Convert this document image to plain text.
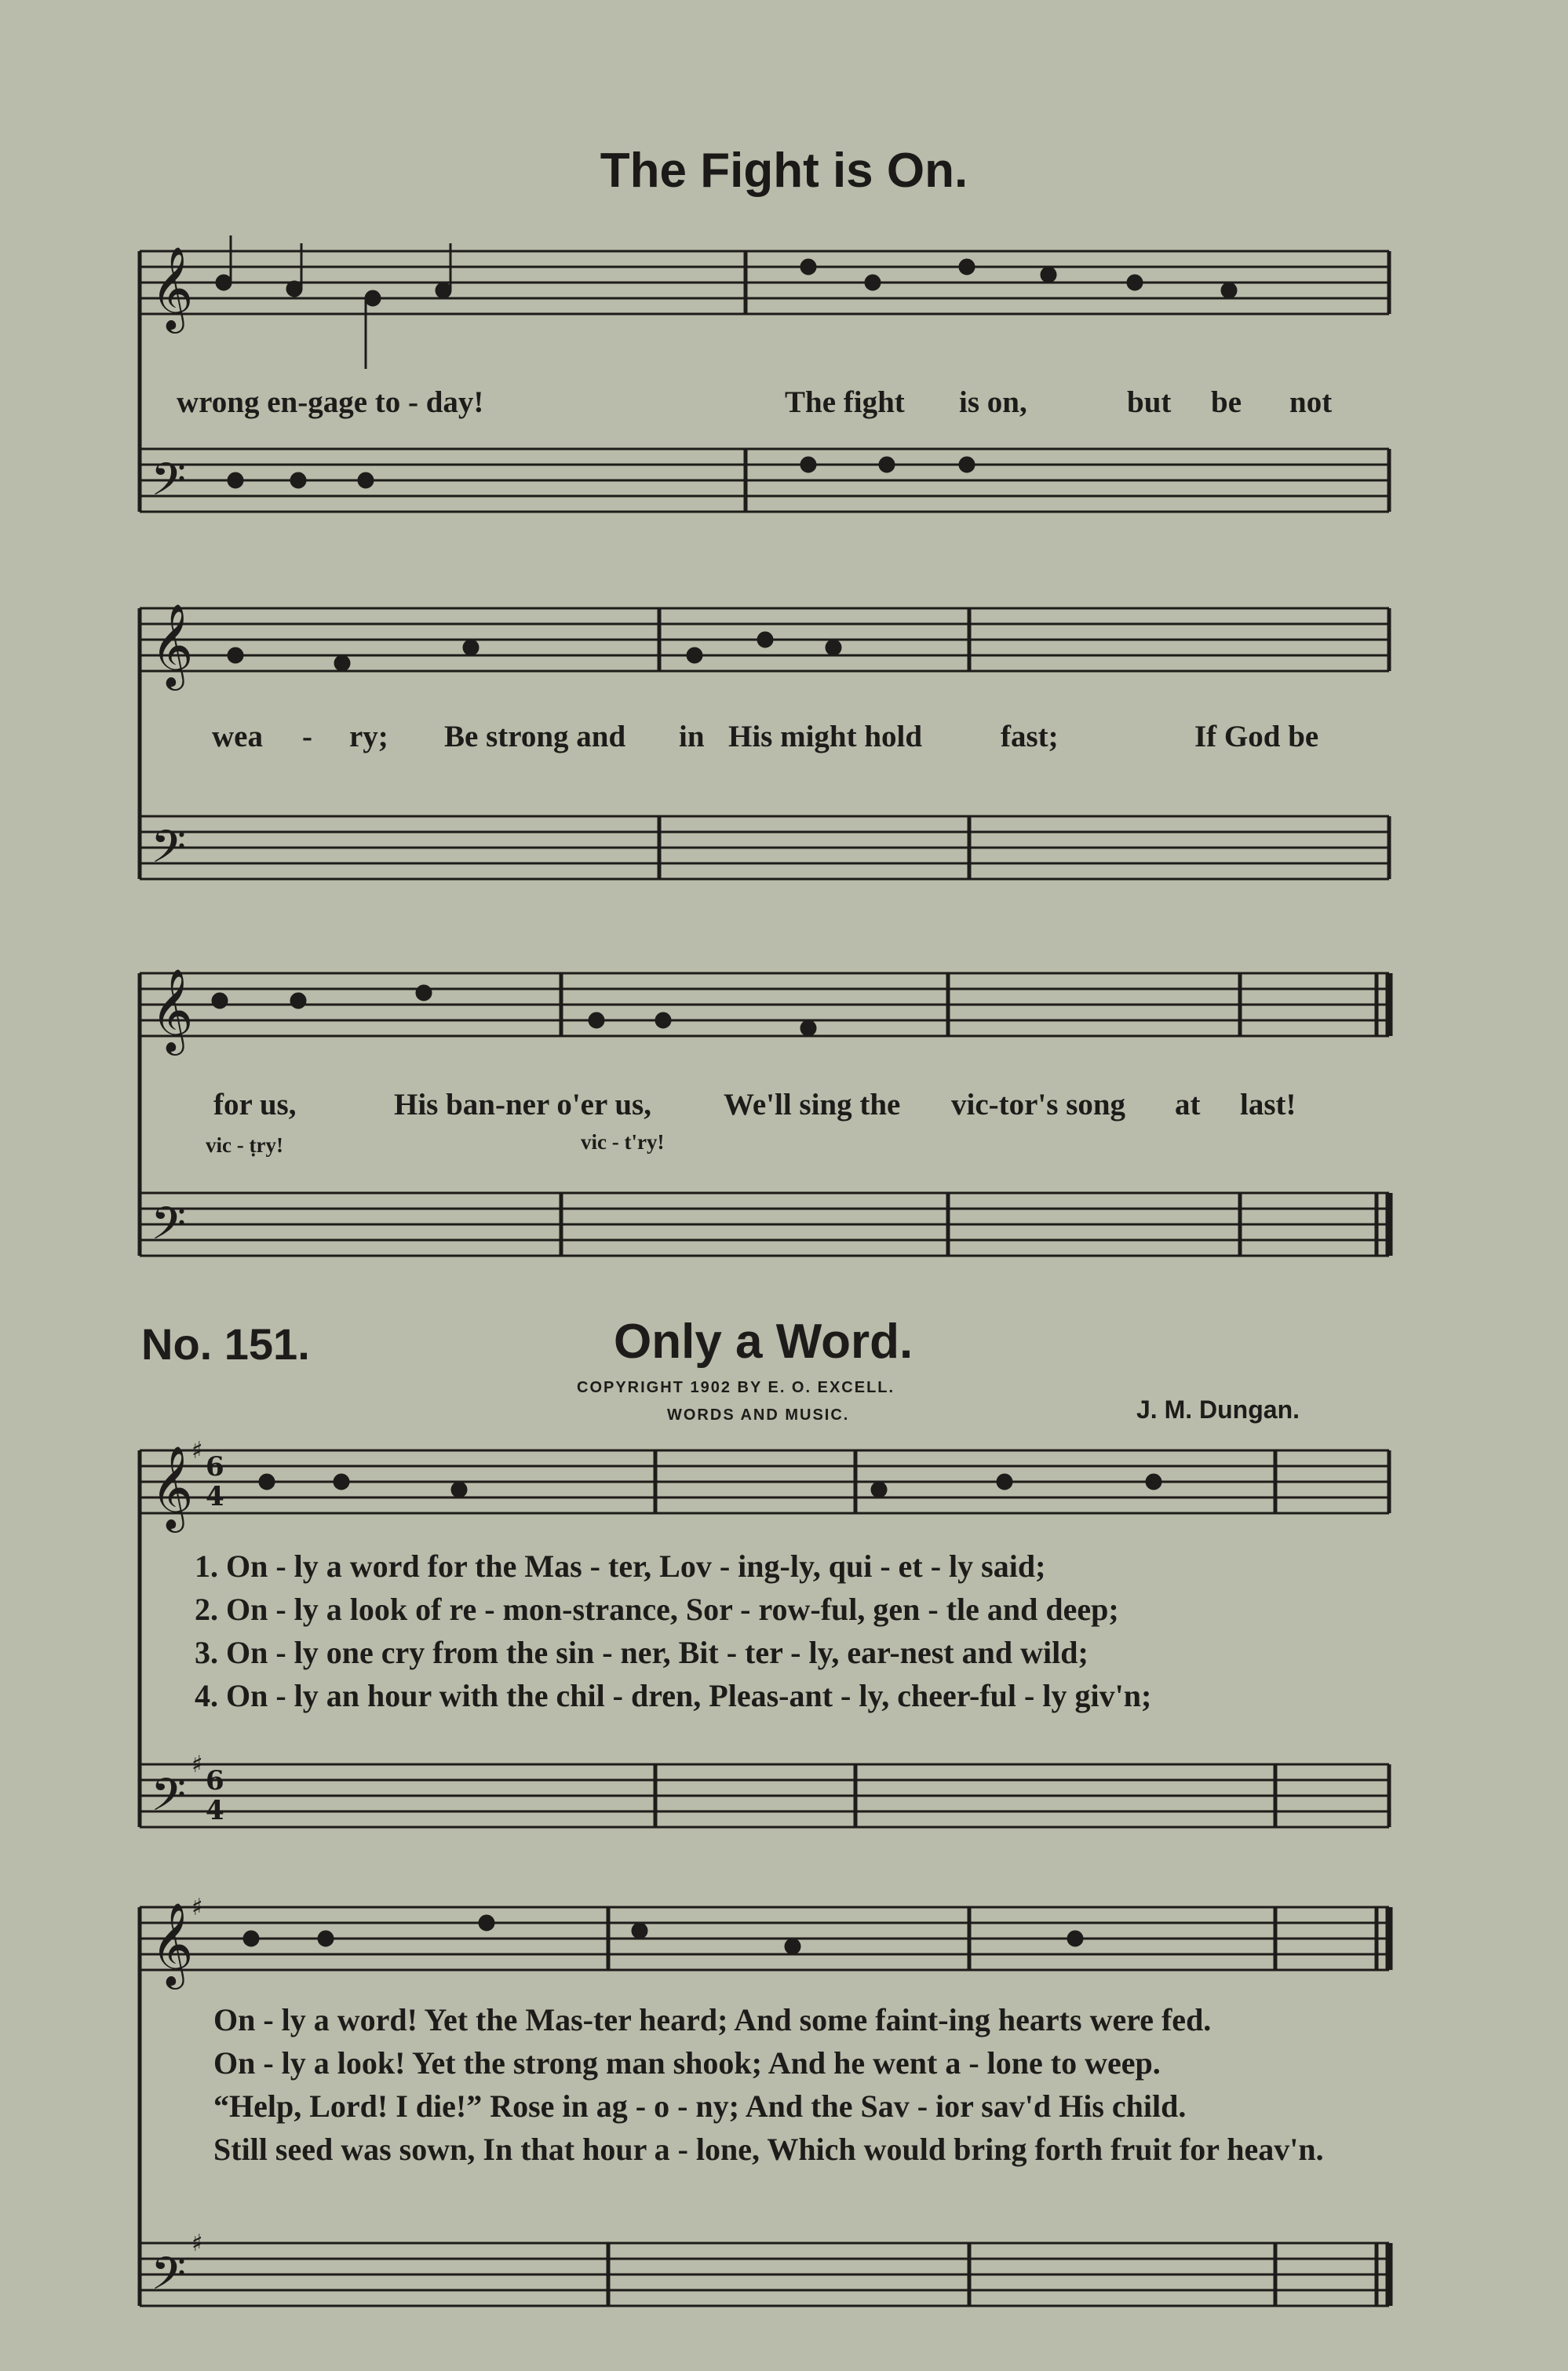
The Fight is On.
𝄞
𝄢
𝄞
𝄢
𝄞
𝄢
𝄞
𝄢
𝄞
𝄢
6
4
6
4
♯
♯
♯
♯
wrong en-gage to - day!	The fight is on,	but be not
wea - ry; Be strong and in His might hold	fast;	If God be
for us,	His ban-ner o'er us, We'll sing the vic-tor's song at last!
vic - ṭry!	vic - t'ry!
No. 151.	Only a Word.
COPYRIGHT 1902 BY E. O. EXCELL.
WORDS AND MUSIC.	J. M. Dungan.
1. On - ly a word for the Mas - ter, Lov - ing-ly, qui - et - ly said;
2. On - ly a look of re - mon-strance, Sor - row-ful, gen - tle and deep;
3. On - ly one cry from the sin - ner, Bit - ter - ly, ear-nest and wild;
4. On - ly an hour with the chil - dren, Pleas-ant - ly, cheer-ful - ly giv'n;
On - ly a word! Yet the Mas-ter heard; And some faint-ing hearts were fed.
On - ly a look! Yet the strong man shook; And he went a - lone to weep.
“Help, Lord! I die!” Rose in ag - o - ny; And the Sav - ior sav'd His child.
Still seed was sown, In that hour a - lone, Which would bring forth fruit for heav'n.
